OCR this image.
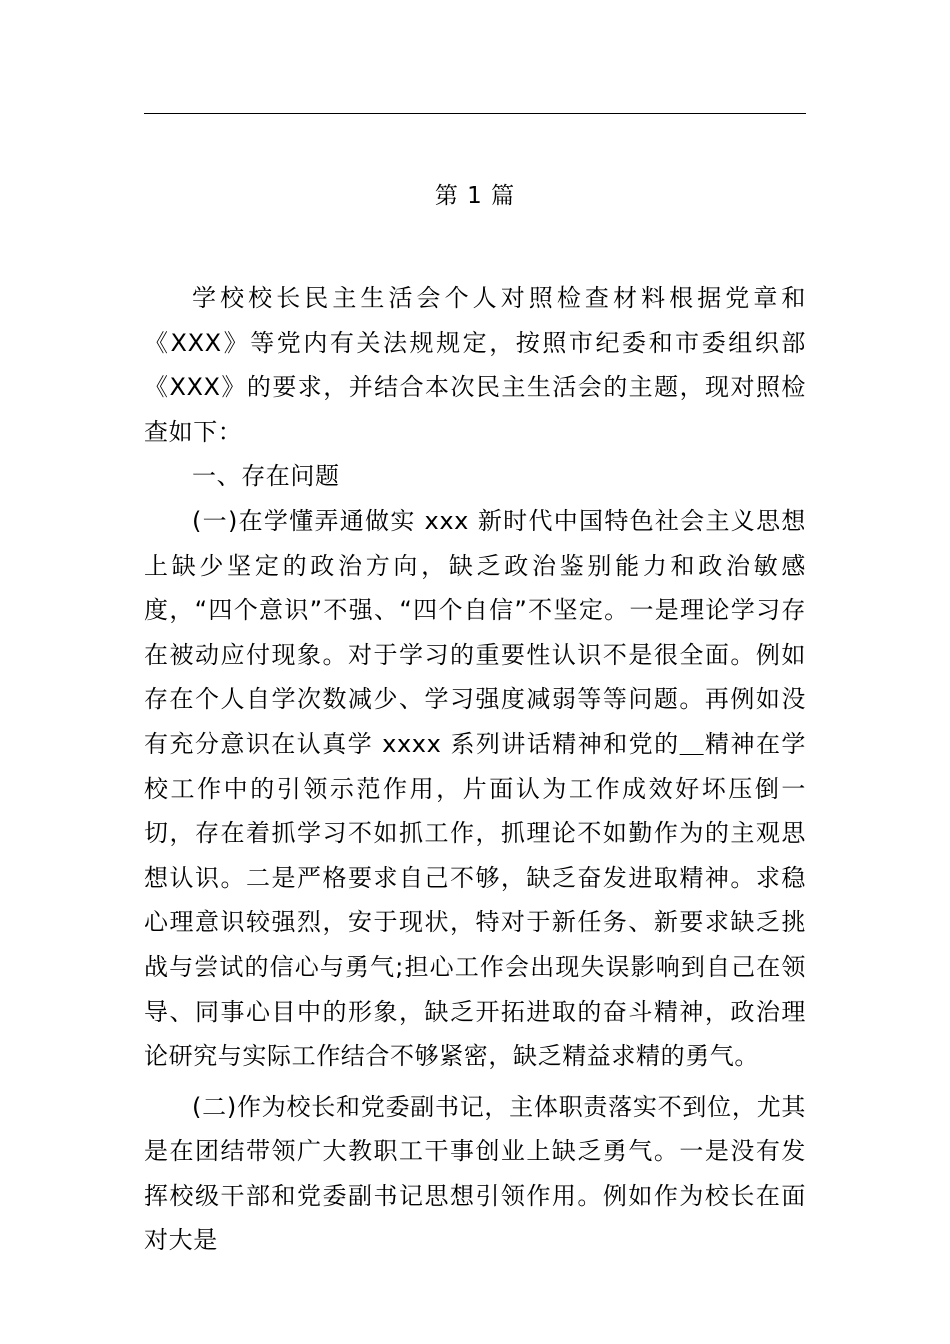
第 1 篇

学校校长民主生活会个人对照检查材料根据党章和《XXX》等党内有关法规规定，按照市纪委和市委组织部《XXX》的要求，并结合本次民主生活会的主题，现对照检查如下：

一、存在问题

(一)在学懂弄通做实 xxx 新时代中国特色社会主义思想上缺少坚定的政治方向，缺乏政治鉴别能力和政治敏感度，“四个意识”不强、“四个自信”不坚定。一是理论学习存在被动应付现象。对于学习的重要性认识不是很全面。例如存在个人自学次数减少、学习强度减弱等等问题。再例如没有充分意识在认真学 xxxx 系列讲话精神和党的＿精神在学校工作中的引领示范作用，片面认为工作成效好坏压倒一切，存在着抓学习不如抓工作，抓理论不如勤作为的主观思想认识。二是严格要求自己不够，缺乏奋发进取精神。求稳心理意识较强烈，安于现状，特对于新任务、新要求缺乏挑战与尝试的信心与勇气;担心工作会出现失误影响到自己在领导、同事心目中的形象，缺乏开拓进取的奋斗精神，政治理论研究与实际工作结合不够紧密，缺乏精益求精的勇气。

(二)作为校长和党委副书记，主体职责落实不到位，尤其是在团结带领广大教职工干事创业上缺乏勇气。一是没有发挥校级干部和党委副书记思想引领作用。例如作为校长在面对大是
